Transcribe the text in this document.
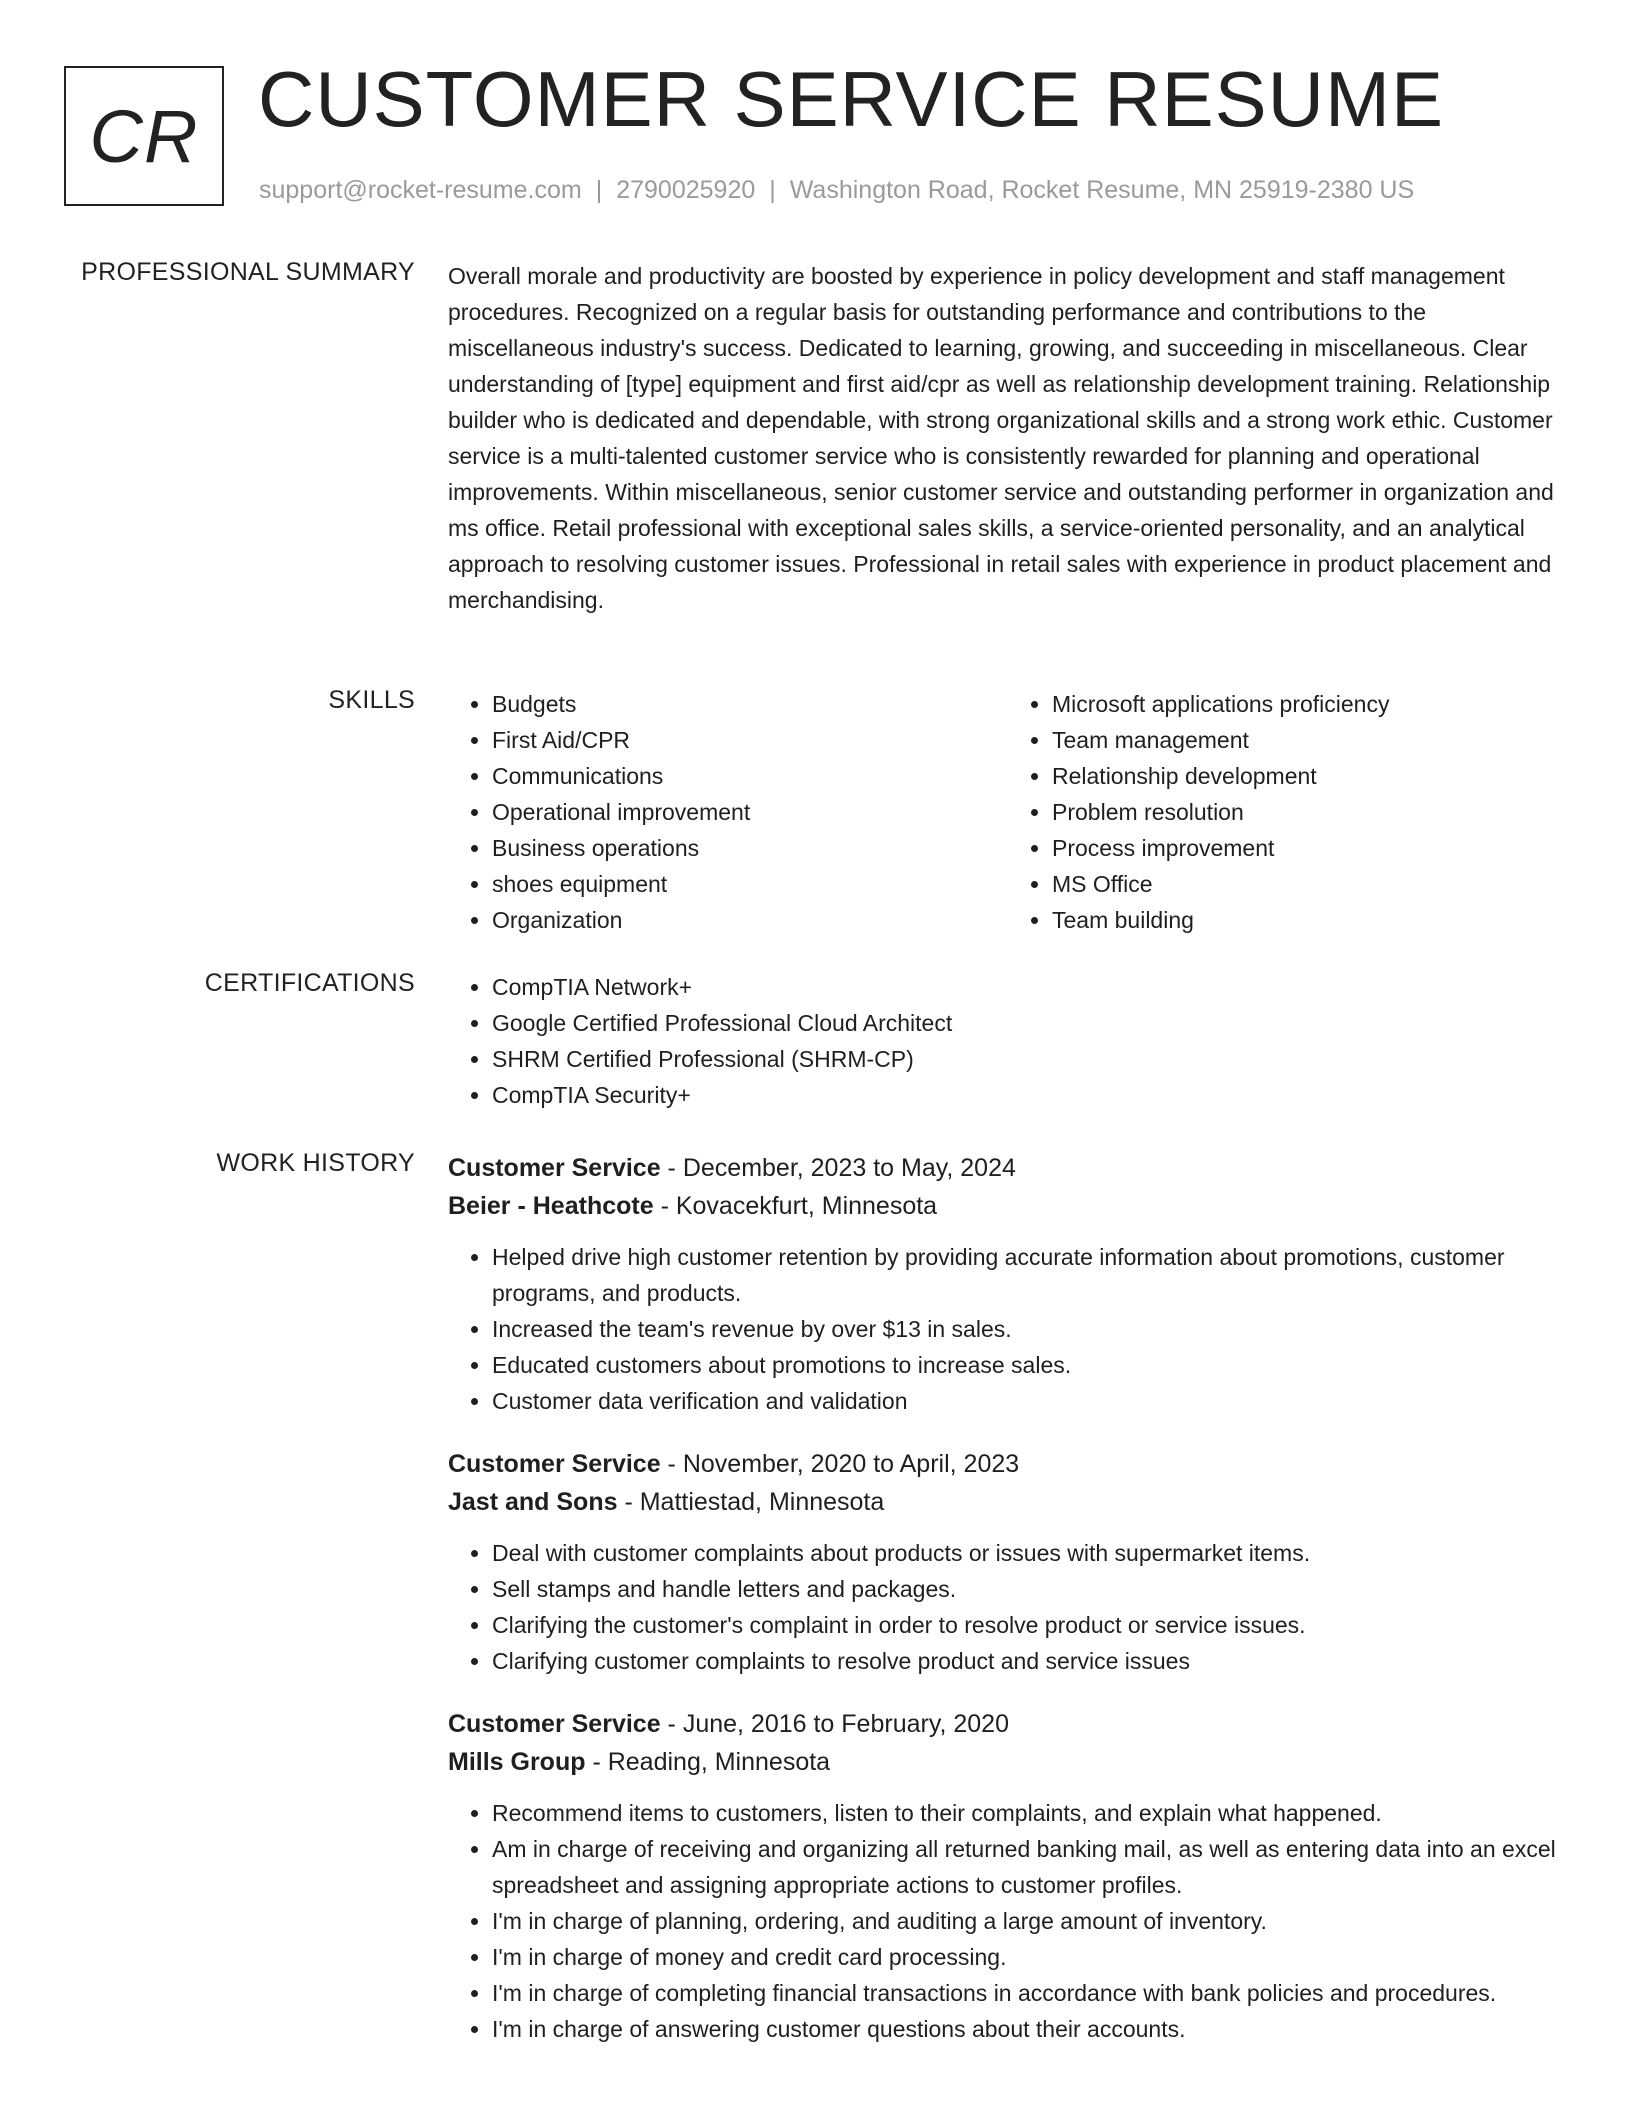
CR CUSTOMER SERVICE RESUME
support@rocket-resume.com | 2790025920 | Washington Road, Rocket Resume, MN 25919-2380 US
PROFESSIONAL SUMMARY Overall morale and productivity are boosted by experience in policy development and staff management procedures. Recognized on a regular basis for outstanding performance and contributions to the miscellaneous industry's success. Dedicated to learning, growing, and succeeding in miscellaneous. Clear understanding of [type] equipment and first aid/cpr as well as relationship development training. Relationship builder who is dedicated and dependable, with strong organizational skills and a strong work ethic. Customer service is a multi-talented customer service who is consistently rewarded for planning and operational improvements. Within miscellaneous, senior customer service and outstanding performer in organization and ms office. Retail professional with exceptional sales skills, a service-oriented personality, and an analytical approach to resolving customer issues. Professional in retail sales with experience in product placement and merchandising.

SKILLS	• Budgets
• First Aid/CPR
• Communications
• Operational improvement
• Business operations
• shoes equipment
• Organization
• Microsoft applications proficiency
• Team management
• Relationship development
• Problem resolution
• Process improvement
• MS Office
• Team building
CERTIFICATIONS	• CompTIA Network+
• Google Certified Professional Cloud Architect
• SHRM Certified Professional (SHRM-CP)
• CompTIA Security+
WORK HISTORY Customer Service - December, 2023 to May, 2024
Beier - Heathcote - Kovacekfurt, Minnesota
• Helped drive high customer retention by providing accurate information about promotions, customer programs, and products.
• Increased the team's revenue by over $13 in sales.
• Educated customers about promotions to increase sales.
• Customer data verification and validation
Customer Service - November, 2020 to April, 2023
Jast and Sons - Mattiestad, Minnesota
• Deal with customer complaints about products or issues with supermarket items.
• Sell stamps and handle letters and packages.
• Clarifying the customer's complaint in order to resolve product or service issues.
• Clarifying customer complaints to resolve product and service issues
Customer Service - June, 2016 to February, 2020
Mills Group - Reading, Minnesota
• Recommend items to customers, listen to their complaints, and explain what happened.
• Am in charge of receiving and organizing all returned banking mail, as well as entering data into an excel spreadsheet and assigning appropriate actions to customer profiles.
• I'm in charge of planning, ordering, and auditing a large amount of inventory.
• I'm in charge of money and credit card processing.
• I'm in charge of completing financial transactions in accordance with bank policies and procedures.
• I'm in charge of answering customer questions about their accounts.
